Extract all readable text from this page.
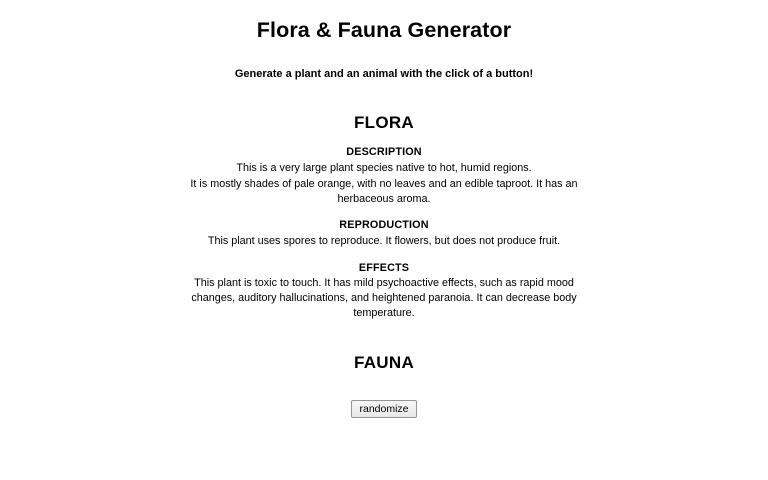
Flora & Fauna Generator

Generate a plant and an animal with the click of a button!

FLORA
DESCRIPTION
This is a very large plant species native to hot, humid regions.
It is mostly shades of pale orange, with no leaves and an edible taproot. It has an herbaceous aroma.
REPRODUCTION
This plant uses spores to reproduce. It flowers, but does not produce fruit.
EFFECTS
This plant is toxic to touch. It has mild psychoactive effects, such as rapid mood changes, auditory hallucinations, and heightened paranoia. It can decrease body temperature.
FAUNA
randomize
